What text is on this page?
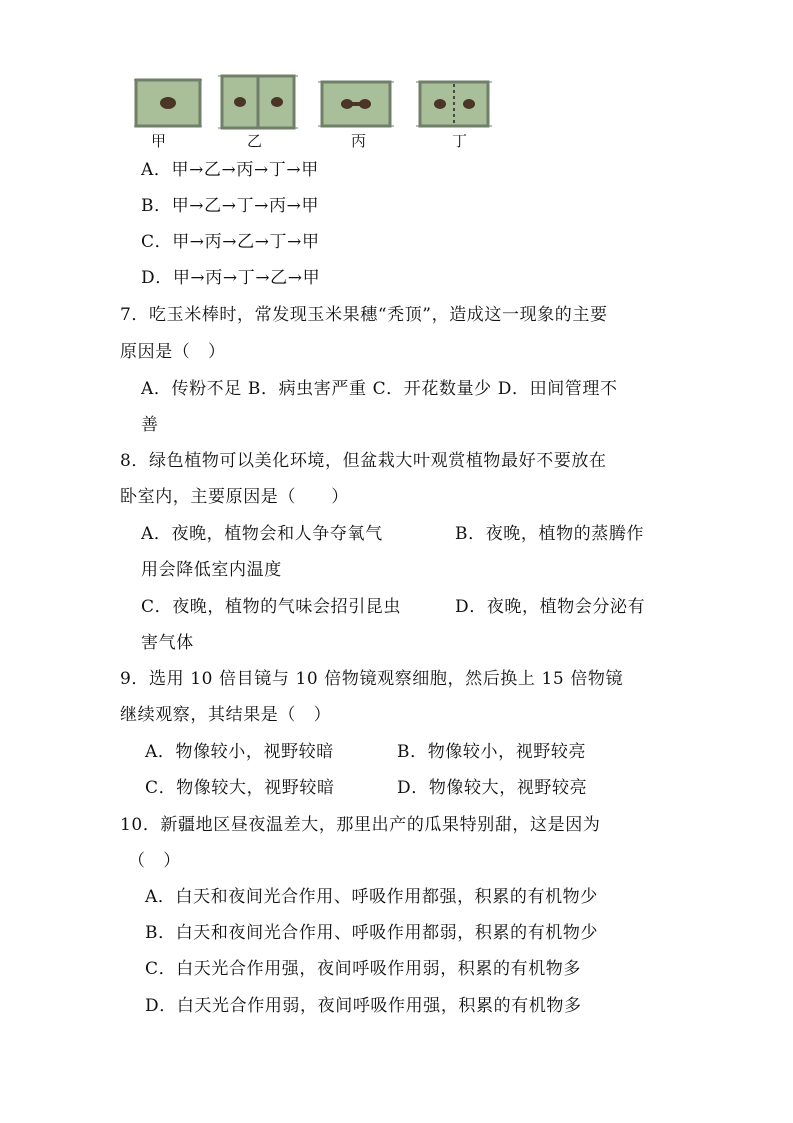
甲	乙	丙	丁
A．甲→乙→丙→丁→甲
B．甲→乙→丁→丙→甲
C．甲→丙→乙→丁→甲
D．甲→丙→丁→乙→甲
7．吃玉米棒时，常发现玉米果穗“秃顶”，造成这一现象的主要
原因是（　）
A．传粉不足 B．病虫害严重 C．开花数量少 D．田间管理不
善
8．绿色植物可以美化环境，但盆栽大叶观赏植物最好不要放在
卧室内，主要原因是（　　）
A．夜晚，植物会和人争夺氧气	B．夜晚，植物的蒸腾作
用会降低室内温度
C．夜晚，植物的气味会招引昆虫	D．夜晚，植物会分泌有
害气体
9．选用 10 倍目镜与 10 倍物镜观察细胞，然后换上 15 倍物镜
继续观察，其结果是（　）
A．物像较小，视野较暗	B．物像较小，视野较亮
C．物像较大，视野较暗	D．物像较大，视野较亮
10．新疆地区昼夜温差大，那里出产的瓜果特别甜，这是因为
（　）
A．白天和夜间光合作用、呼吸作用都强，积累的有机物少
B．白天和夜间光合作用、呼吸作用都弱，积累的有机物少
C．白天光合作用强，夜间呼吸作用弱，积累的有机物多
D．白天光合作用弱，夜间呼吸作用强，积累的有机物多
